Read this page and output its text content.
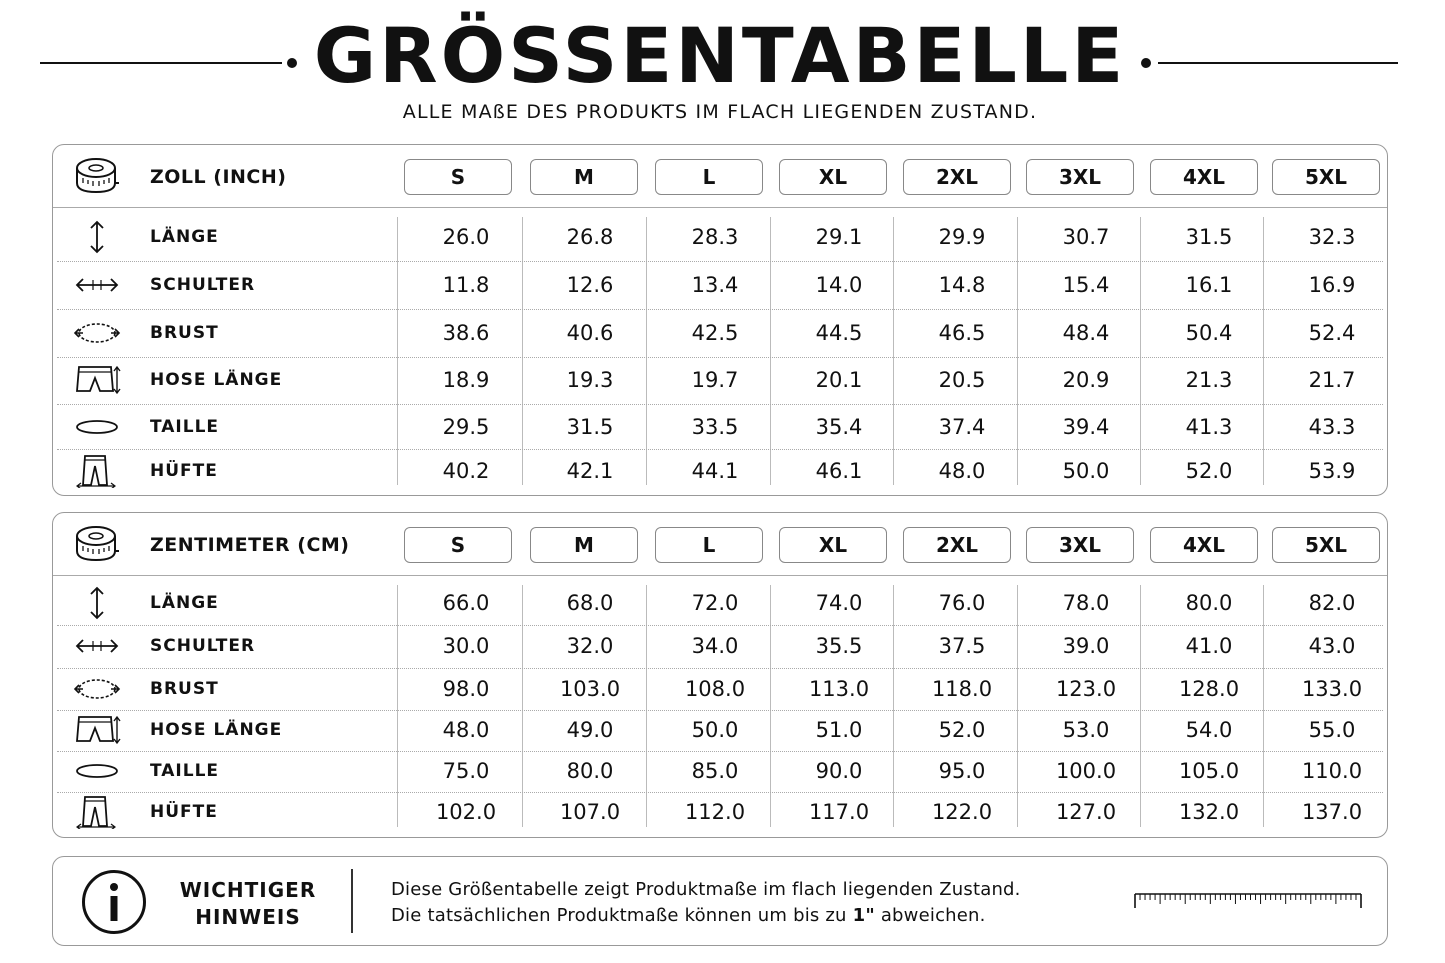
GRÖSSENTABELLE
ALLE MAßE DES PRODUKTS IM FLACH LIEGENDEN ZUSTAND.
ZOLL (INCH)	S	M	L	XL	2XL	3XL	4XL	5XL
LÄNGE	26.0	26.8	28.3	29.1	29.9	30.7	31.5	32.3
SCHULTER	11.8	12.6	13.4	14.0	14.8	15.4	16.1	16.9
BRUST	38.6	40.6	42.5	44.5	46.5	48.4	50.4	52.4
HOSE LÄNGE	18.9	19.3	19.7	20.1	20.5	20.9	21.3	21.7
TAILLE	29.5	31.5	33.5	35.4	37.4	39.4	41.3	43.3
HÜFTE	40.2	42.1	44.1	46.1	48.0	50.0	52.0	53.9
ZENTIMETER (CM)	S	M	L	XL	2XL	3XL	4XL	5XL
LÄNGE	66.0	68.0	72.0	74.0	76.0	78.0	80.0	82.0
SCHULTER	30.0	32.0	34.0	35.5	37.5	39.0	41.0	43.0
BRUST	98.0	103.0	108.0	113.0	118.0	123.0	128.0	133.0
HOSE LÄNGE	48.0	49.0	50.0	51.0	52.0	53.0	54.0	55.0
TAILLE	75.0	80.0	85.0	90.0	95.0	100.0	105.0	110.0
HÜFTE	102.0	107.0	112.0	117.0	122.0	127.0	132.0	137.0
WICHTIGER
HINWEIS
Diese Größentabelle zeigt Produktmaße im flach liegenden Zustand.
Die tatsächlichen Produktmaße können um bis zu 1" abweichen.
